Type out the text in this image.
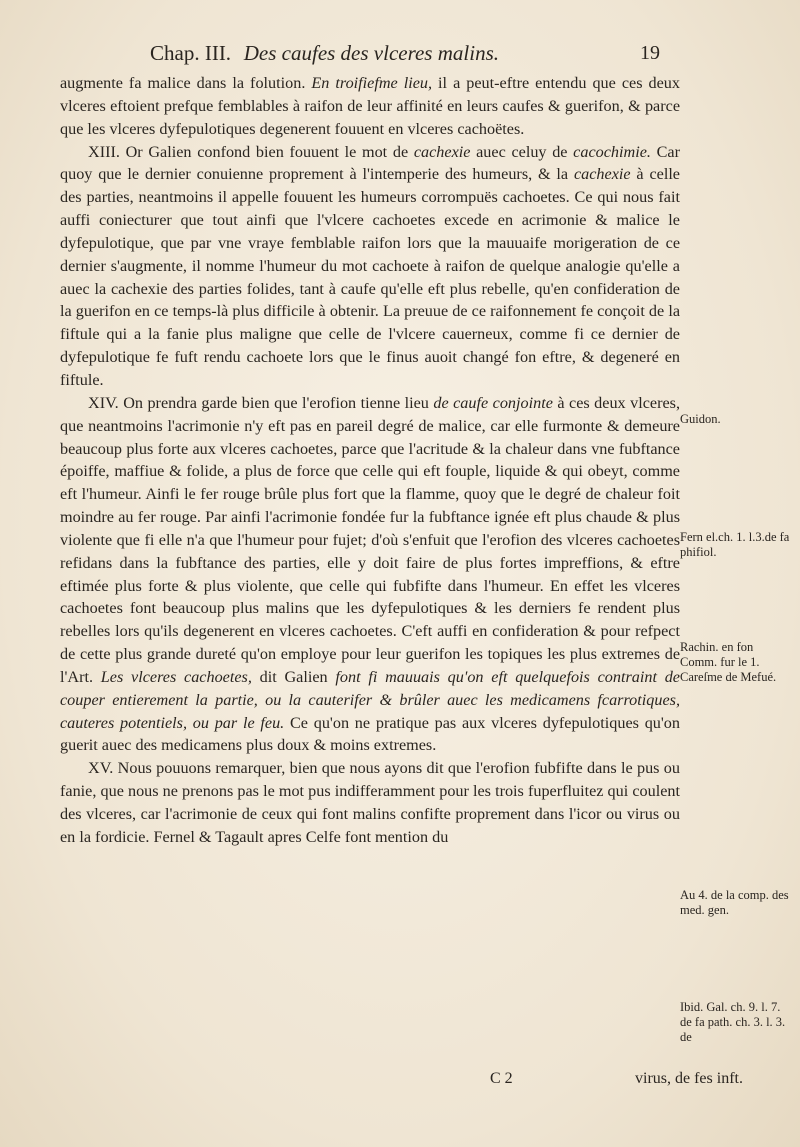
Chap. III. Des caufes des vlceres malins.	19

augmente fa malice dans la folution. En troifiefme lieu, il a peut-eftre entendu que ces deux vlceres eftoient prefque femblables à raifon de leur affinité en leurs caufes & guerifon, & parce que les vlceres dyfepulotiques degenerent fouuent en vlceres cachoëtes.

XIII. Or Galien confond bien fouuent le mot de cachexie auec celuy de cacochimie. Car quoy que le dernier conuienne proprement à l'intemperie des humeurs, & la cachexie à celle des parties, neantmoins il appelle fouuent les humeurs corrompuës cachoetes. Ce qui nous fait auffi coniecturer que tout ainfi que l'vlcere cachoetes excede en acrimonie & malice le dyfepulotique, que par vne vraye femblable raifon lors que la mauuaife morigeration de ce dernier s'augmente, il nomme l'humeur du mot cachoete à raifon de quelque analogie qu'elle a auec la cachexie des parties folides, tant à caufe qu'elle eft plus rebelle, qu'en confideration de la guerifon en ce temps-là plus difficile à obtenir. La preuue de ce raifonnement fe conçoit de la fiftule qui a la fanie plus maligne que celle de l'vlcere cauerneux, comme fi ce dernier de dyfepulotique fe fuft rendu cachoete lors que le finus auoit changé fon eftre, & degeneré en fiftule.

XIV. On prendra garde bien que l'erofion tienne lieu de caufe conjointe à ces deux vlceres, que neantmoins l'acrimonie n'y eft pas en pareil degré de malice, car elle furmonte & demeure beaucoup plus forte aux vlceres cachoetes, parce que l'acritude & la chaleur dans vne fubftance époiffe, maffiue & folide, a plus de force que celle qui eft fouple, liquide & qui obeyt, comme eft l'humeur. Ainfi le fer rouge brûle plus fort que la flamme, quoy que le degré de chaleur foit moindre au fer rouge. Par ainfi l'acrimonie fondée fur la fubftance ignée eft plus chaude & plus violente que fi elle n'a que l'humeur pour fujet; d'où s'enfuit que l'erofion des vlceres cachoetes refidans dans la fubftance des parties, elle y doit faire de plus fortes impreffions, & eftre eftimée plus forte & plus violente, que celle qui fubfifte dans l'humeur. En effet les vlceres cachoetes font beaucoup plus malins que les dyfepulotiques & les derniers fe rendent plus rebelles lors qu'ils degenerent en vlceres cachoetes. C'eft auffi en confideration & pour refpect de cette plus grande dureté qu'on employe pour leur guerifon les topiques les plus extremes de l'Art. Les vlceres cachoetes, dit Galien font fi mauuais qu'on eft quelquefois contraint de couper entierement la partie, ou la cauterifer & brûler auec les medicamens fcarrotiques, cauteres potentiels, ou par le feu. Ce qu'on ne pratique pas aux vlceres dyfepulotiques qu'on guerit auec des medicamens plus doux & moins extremes.

XV. Nous pouuons remarquer, bien que nous ayons dit que l'erofion fubfifte dans le pus ou fanie, que nous ne prenons pas le mot pus indifferamment pour les trois fuperfluitez qui coulent des vlceres, car l'acrimonie de ceux qui font malins confifte proprement dans l'icor ou virus ou en la fordicie. Fernel & Tagault apres Celfe font mention du

Guidon.
Fern el.ch. 1. l.3.de fa phifiol.
Rachin. en fon Comm. fur le 1. Careſme de Mefué.
Au 4. de la comp. des med. gen.
Ibid. Gal. ch. 9. l. 7. de fa path. ch. 3. l. 3. de
C 2	virus, de fes inft.
